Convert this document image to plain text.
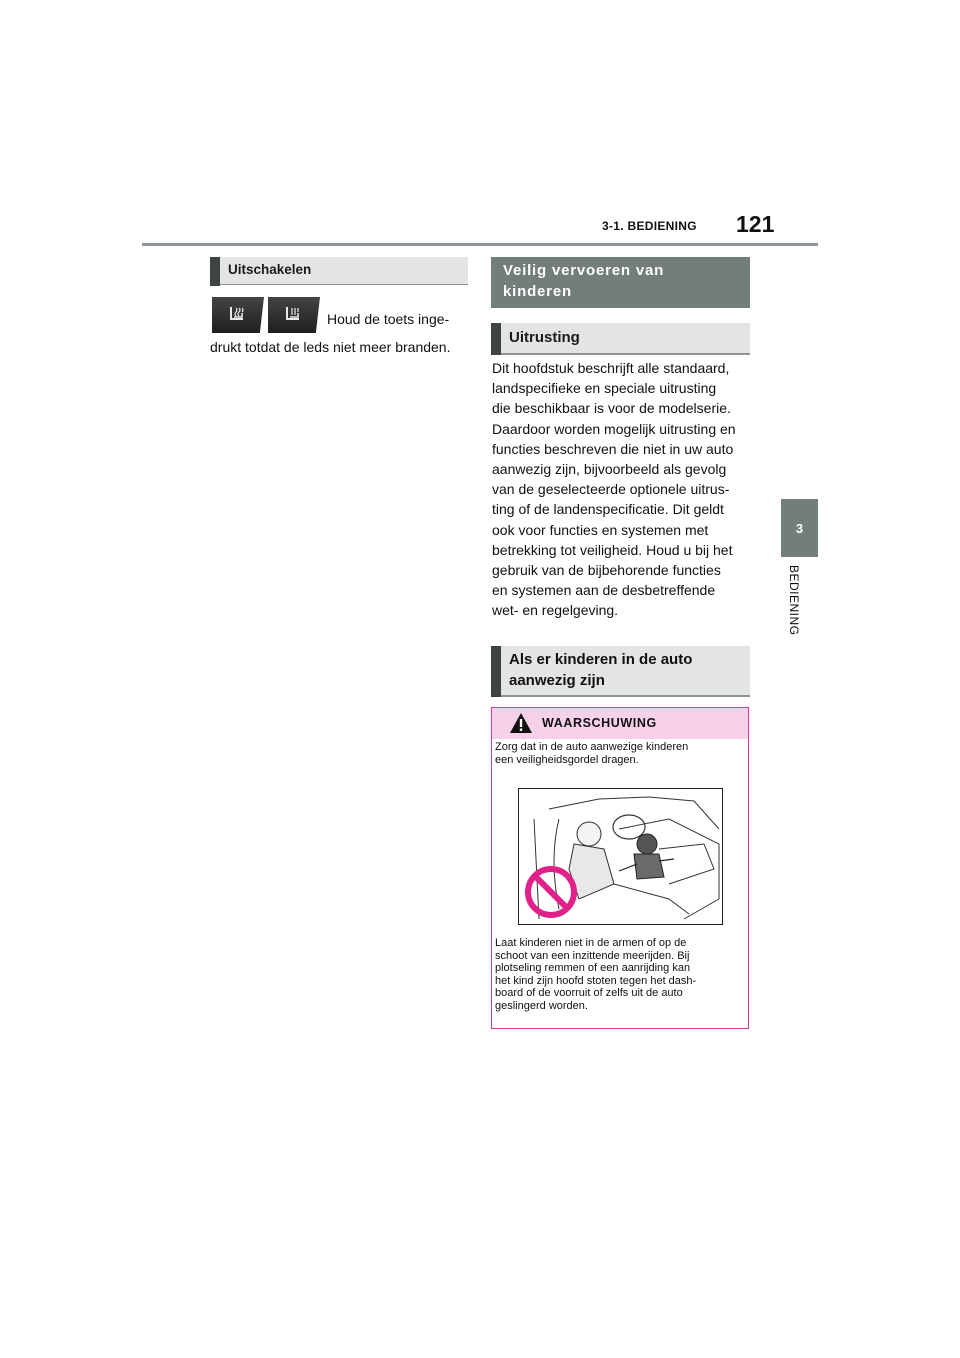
3-1. BEDIENING 121
3
BEDIENING
Uitschakelen
Houd de toets inge-
drukt totdat de leds niet meer branden.
Veilig vervoeren van
kinderen
Uitrusting

Dit hoofdstuk beschrijft alle standaard,

landspecifieke en speciale uitrusting

die beschikbaar is voor de modelserie.

Daardoor worden mogelijk uitrusting en

functies beschreven die niet in uw auto

aanwezig zijn, bijvoorbeeld als gevolg

van de geselecteerde optionele uitrus-

ting of de landenspecificatie. Dit geldt

ook voor functies en systemen met

betrekking tot veiligheid. Houd u bij het

gebruik van de bijbehorende functies

en systemen aan de desbetreffende

wet- en regelgeving.

Als er kinderen in de auto
aanwezig zijn
WAARSCHUWING
Zorg dat in de auto aanwezige kinderen
een veiligheidsgordel dragen.
Laat kinderen niet in de armen of op de
schoot van een inzittende meerijden. Bij
plotseling remmen of een aanrijding kan
het kind zijn hoofd stoten tegen het dash-
board of de voorruit of zelfs uit de auto
geslingerd worden.
